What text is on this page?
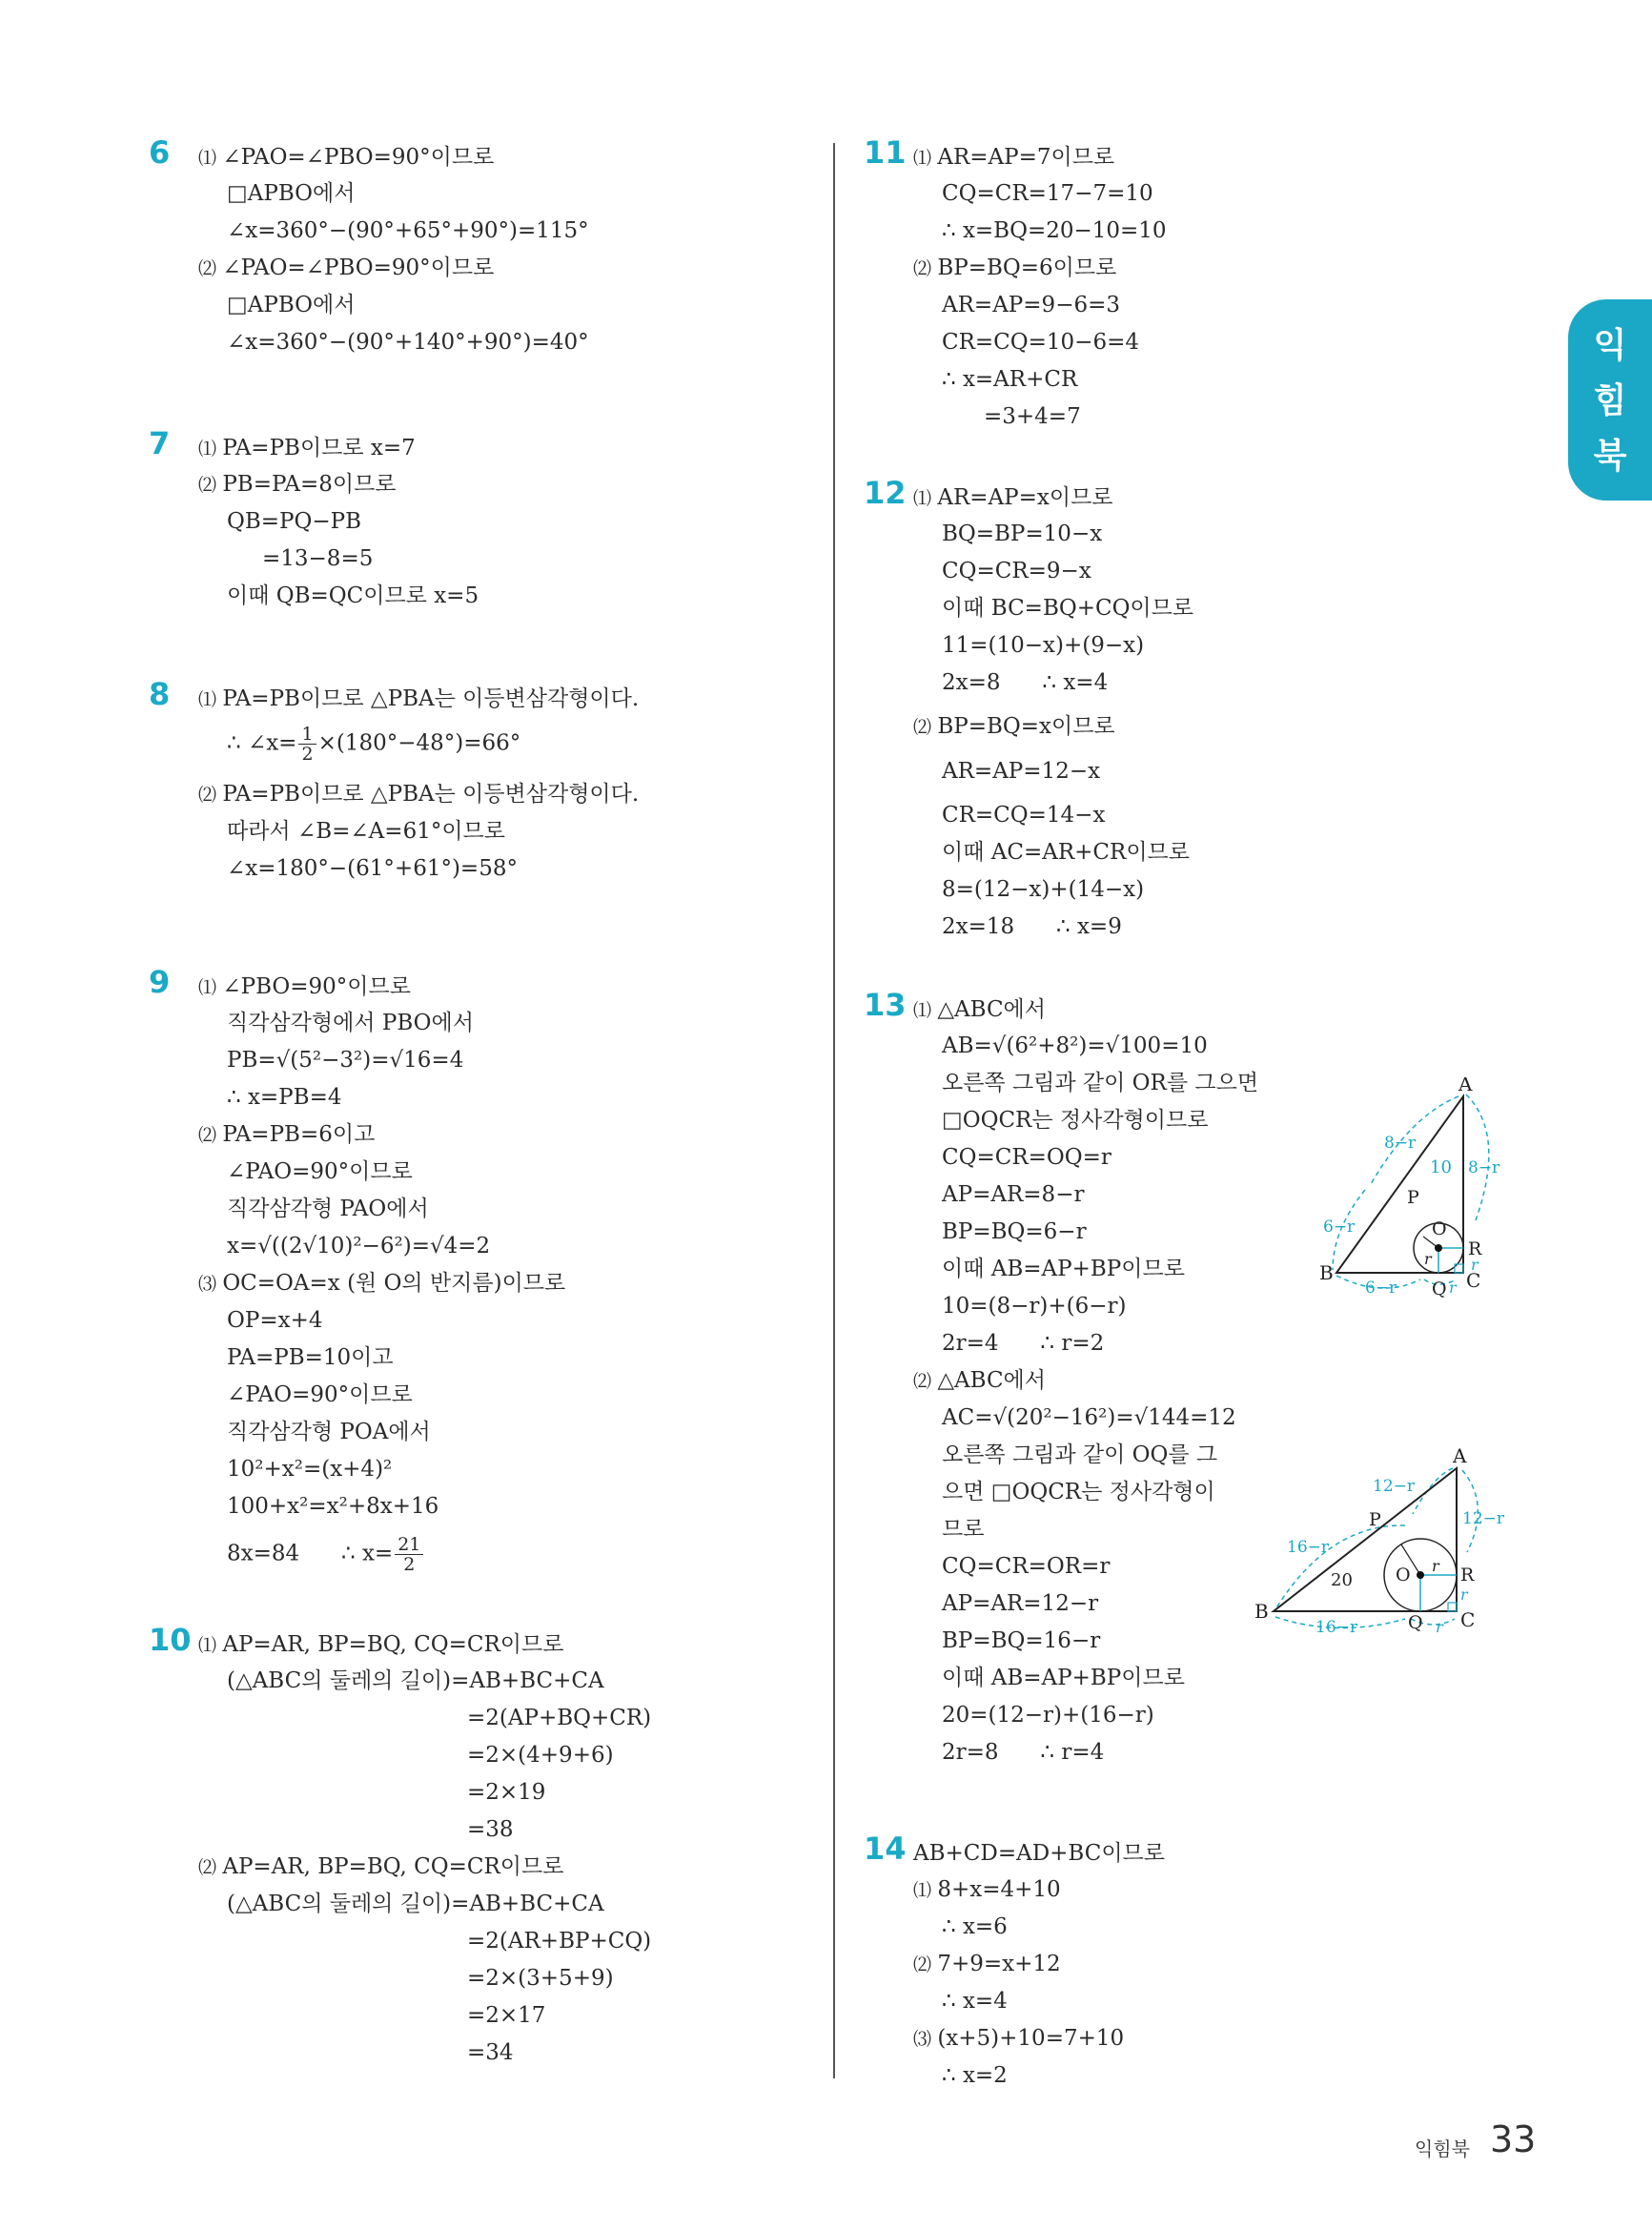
익
힘
북
6 ⑴ ∠PAO=∠PBO=90°이므로
□APBO에서
∠x=360°−(90°+65°+90°)=115°
⑵ ∠PAO=∠PBO=90°이므로
□APBO에서
∠x=360°−(90°+140°+90°)=40°
7 ⑴ PA=PB이므로 x=7
⑵ PB=PA=8이므로
QB=PQ−PB
=13−8=5
이때 QB=QC이므로 x=5
8 ⑴ PA=PB이므로 △PBA는 이등변삼각형이다.
∴ ∠x= $\frac{1}{2} \times(180^\circ-48^\circ)=66^\circ$
⑵ PA=PB이므로 △PBA는 이등변삼각형이다.
따라서 ∠B=∠A=61°이므로
∠x=180°−(61°+61°)=58°
9 ⑴ ∠PBO=90°이므로
직각삼각형에서 PBO에서
PB=√(5²−3²)=√16=4
∴ x=PB=4
⑵ PA=PB=6이고
∠PAO=90°이므로
직각삼각형 PAO에서
x=√((2√10)²−6²)=√4=2
⑶ OC=OA=x (원 O의 반지름)이므로
OP=x+4
PA=PB=10이고
∠PAO=90°이므로
직각삼각형 POA에서
10²+x²=(x+4)²
100+x²=x²+8x+16
8x=84      ∴ $x= \frac{21}{2}$
10 ⑴ AP=AR, BP=BQ, CQ=CR이므로
(△ABC의 둘레의 길이)=AB+BC+CA
=2(AP+BQ+CR)
=2×(4+9+6)
=2×19
=38
⑵ AP=AR, BP=BQ, CQ=CR이므로
(△ABC의 둘레의 길이)=AB+BC+CA
=2(AR+BP+CQ)
=2×(3+5+9)
=2×17
=34
11 ⑴ AR=AP=7이므로
CQ=CR=17−7=10
∴ x=BQ=20−10=10
⑵ BP=BQ=6이므로
AR=AP=9−6=3
CR=CQ=10−6=4
∴ x=AR+CR
=3+4=7
12 ⑴ AR=AP=x이므로
BQ=BP=10−x
CQ=CR=9−x
이때 BC=BQ+CQ이므로
11=(10−x)+(9−x)
2x=8      ∴ x=4
⑵ BP=BQ=x이므로
AR=AP=12−x
CR=CQ=14−x
이때 AC=AR+CR이므로
8=(12−x)+(14−x)
2x=18      ∴ x=9
13 ⑴ △ABC에서
AB=√(6²+8²)=√100=10
오른쪽 그림과 같이 OR를 그으면
□OQCR는 정사각형이므로
CQ=CR=OQ=r
AP=AR=8−r
BP=BQ=6−r
이때 AB=AP+BP이므로
10=(8−r)+(6−r)
2r=4      ∴ r=2
⑵ △ABC에서
AC=√(20²−16²)=√144=12
오른쪽 그림과 같이 OQ를 그
으면 □OQCR는 정사각형이
므로
CQ=CR=OR=r
AP=AR=12−r
BP=BQ=16−r
이때 AB=AP+BP이므로
20=(12−r)+(16−r)
2r=8      ∴ r=4
14 AB+CD=AD+BC이므로
⑴ 8+x=4+10
∴ x=6
⑵ 7+9=x+12
∴ x=4
⑶ (x+5)+10=7+10
∴ x=2
A
B	C
P
Q
R
O
10
8−r
8−r
6−r
6−r	r
r
r
A
B	C
P
Q
R
O
20
12−r
12−r
16−r
16−r	r
r
r
익힘북 33
